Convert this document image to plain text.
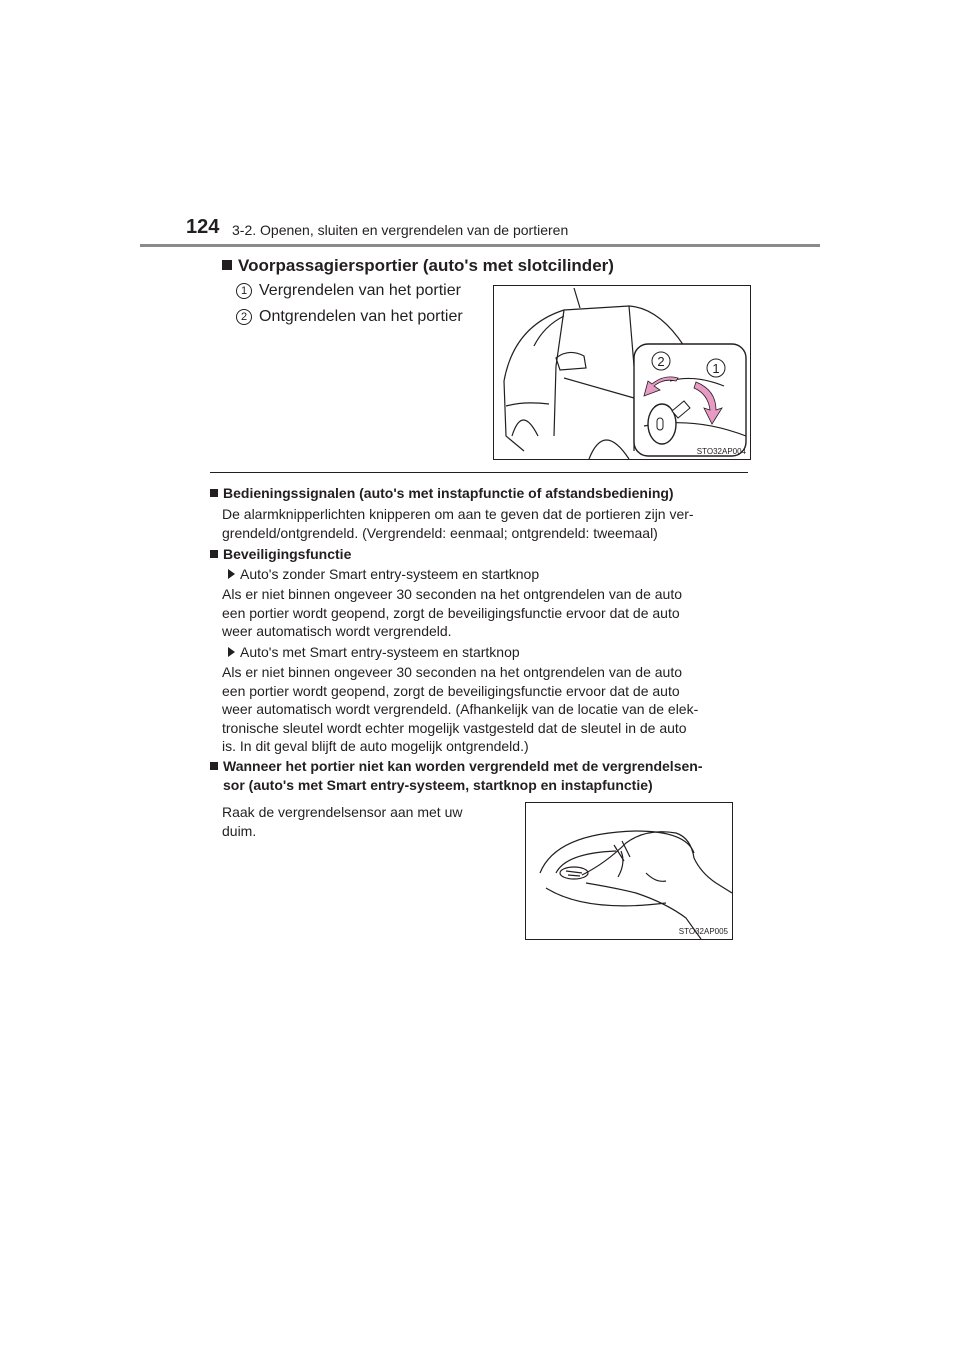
124 3-2. Openen, sluiten en vergrendelen van de portieren
Voorpassagiersportier (auto's met slotcilinder)
1 Vergrendelen van het portier
2 Ontgrendelen van het portier
2	1
STO32AP004
Bedieningssignalen (auto's met instapfunctie of afstandsbediening)
De alarmknipperlichten knipperen om aan te geven dat de portieren zijn ver-
grendeld/ontgrendeld. (Vergrendeld: eenmaal; ontgrendeld: tweemaal)
Beveiligingsfunctie
Auto's zonder Smart entry-systeem en startknop
Als er niet binnen ongeveer 30 seconden na het ontgrendelen van de auto
een portier wordt geopend, zorgt de beveiligingsfunctie ervoor dat de auto
weer automatisch wordt vergrendeld.
Auto's met Smart entry-systeem en startknop
Als er niet binnen ongeveer 30 seconden na het ontgrendelen van de auto
een portier wordt geopend, zorgt de beveiligingsfunctie ervoor dat de auto
weer automatisch wordt vergrendeld. (Afhankelijk van de locatie van de elek-
tronische sleutel wordt echter mogelijk vastgesteld dat de sleutel in de auto
is. In dit geval blijft de auto mogelijk ontgrendeld.)
Wanneer het portier niet kan worden vergrendeld met de vergrendelsen-
sor (auto's met Smart entry-systeem, startknop en instapfunctie)
Raak de vergrendelsensor aan met uw
duim.
STO32AP005
